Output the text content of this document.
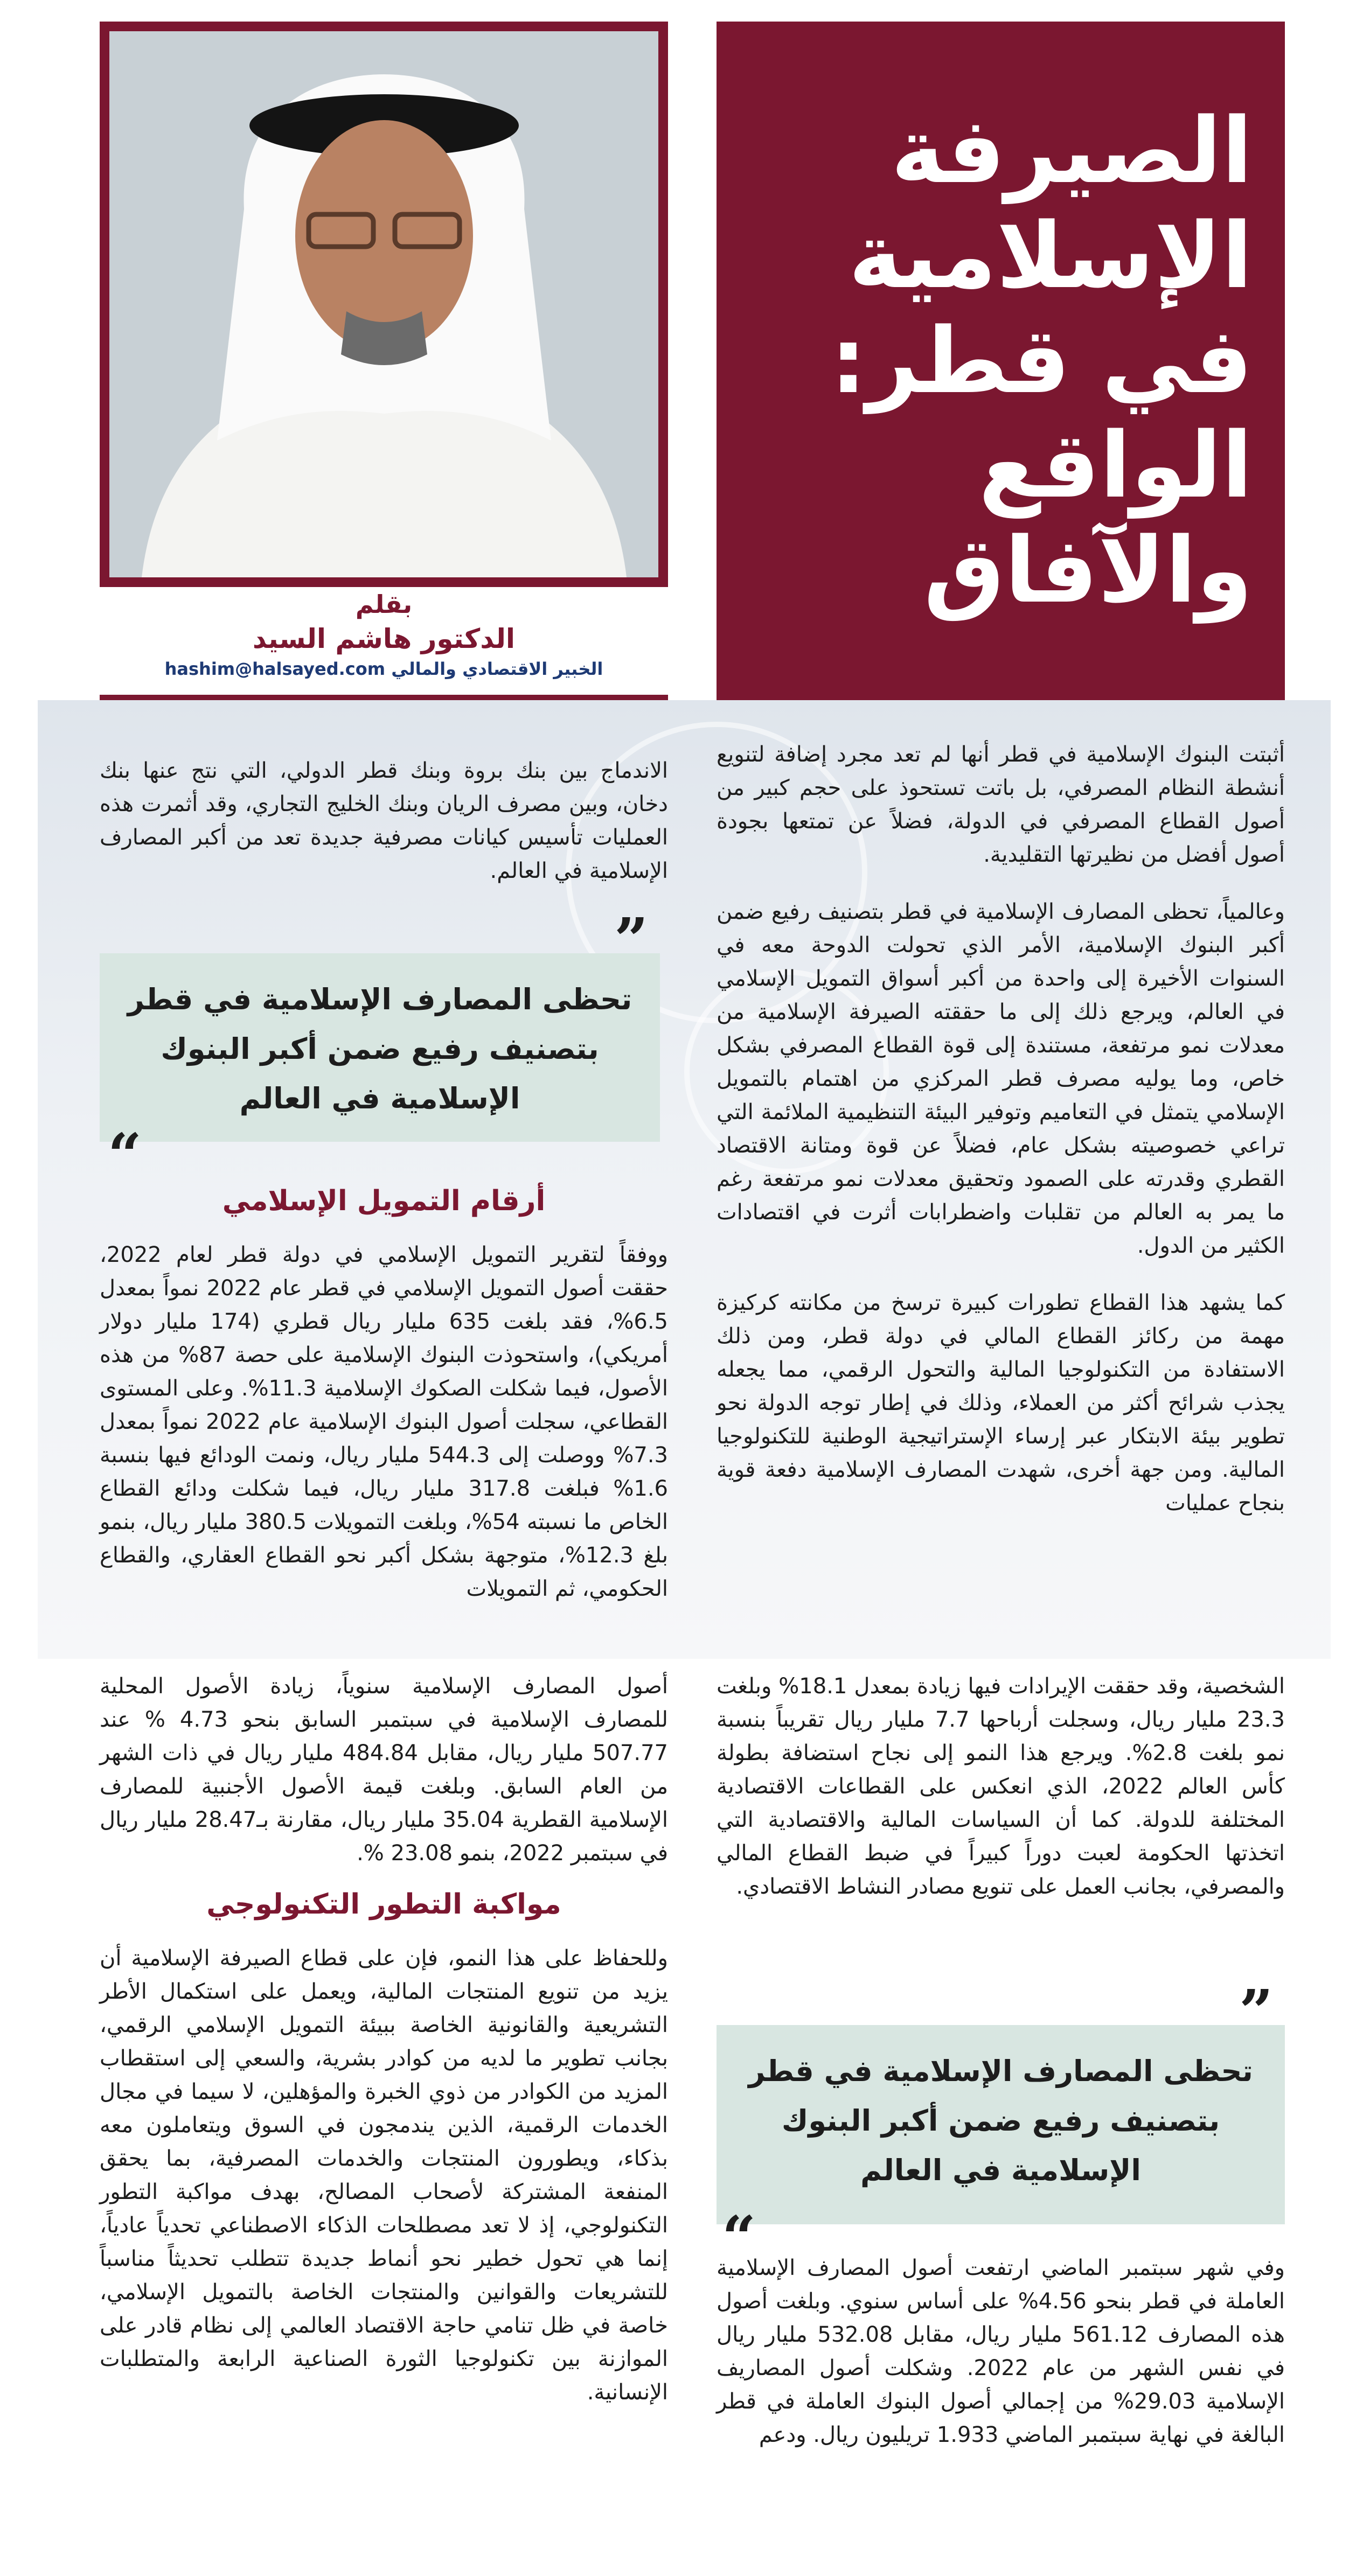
الصيرفة
الإسلامية
في قطر:
الواقع
والآفاق
بقلم
الدكتور هاشم السيد
الخبير الاقتصادي والمالي hashim@halsayed.com

أثبتت البنوك الإسلامية في قطر أنها لم تعد مجرد إضافة لتنويع أنشطة النظام المصرفي، بل باتت تستحوذ على حجم كبير من أصول القطاع المصرفي في الدولة، فضلاً عن تمتعها بجودة أصول أفضل من نظيرتها التقليدية.

وعالمياً، تحظى المصارف الإسلامية في قطر بتصنيف رفيع ضمن أكبر البنوك الإسلامية، الأمر الذي تحولت الدوحة معه في السنوات الأخيرة إلى واحدة من أكبر أسواق التمويل الإسلامي في العالم، ويرجع ذلك إلى ما حققته الصيرفة الإسلامية من معدلات نمو مرتفعة، مستندة إلى قوة القطاع المصرفي بشكل خاص، وما يوليه مصرف قطر المركزي من اهتمام بالتمويل الإسلامي يتمثل في التعاميم وتوفير البيئة التنظيمية الملائمة التي تراعي خصوصيته بشكل عام، فضلاً عن قوة ومتانة الاقتصاد القطري وقدرته على الصمود وتحقيق معدلات نمو مرتفعة رغم ما يمر به العالم من تقلبات واضطرابات أثرت في اقتصادات الكثير من الدول.

كما يشهد هذا القطاع تطورات كبيرة ترسخ من مكانته كركيزة مهمة من ركائز القطاع المالي في دولة قطر، ومن ذلك الاستفادة من التكنولوجيا المالية والتحول الرقمي، مما يجعله يجذب شرائح أكثر من العملاء، وذلك في إطار توجه الدولة نحو تطوير بيئة الابتكار عبر إرساء الإستراتيجية الوطنية للتكنولوجيا المالية. ومن جهة أخرى، شهدت المصارف الإسلامية دفعة قوية بنجاح عمليات

الاندماج بين بنك بروة وبنك قطر الدولي، التي نتج عنها بنك دخان، وبين مصرف الريان وبنك الخليج التجاري، وقد أثمرت هذه العمليات تأسيس كيانات مصرفية جديدة تعد من أكبر المصارف الإسلامية في العالم.

تحظى المصارف الإسلامية في قطر بتصنيف رفيع ضمن أكبر البنوك الإسلامية في العالم
”
“
أرقام التمويل الإسلامي

ووفقاً لتقرير التمويل الإسلامي في دولة قطر لعام 2022، حققت أصول التمويل الإسلامي في قطر عام 2022 نمواً بمعدل 6.5%، فقد بلغت 635 مليار ريال قطري (174 مليار دولار أمريكي)، واستحوذت البنوك الإسلامية على حصة 87% من هذه الأصول، فيما شكلت الصكوك الإسلامية 11.3%. وعلى المستوى القطاعي، سجلت أصول البنوك الإسلامية عام 2022 نمواً بمعدل 7.3% ووصلت إلى 544.3 مليار ريال، ونمت الودائع فيها بنسبة 1.6% فبلغت 317.8 مليار ريال، فيما شكلت ودائع القطاع الخاص ما نسبته 54%، وبلغت التمويلات 380.5 مليار ريال، بنمو بلغ 12.3%، متوجهة بشكل أكبر نحو القطاع العقاري، والقطاع الحكومي، ثم التمويلات

الشخصية، وقد حققت الإيرادات فيها زيادة بمعدل 18.1% وبلغت 23.3 مليار ريال، وسجلت أرباحها 7.7 مليار ريال تقريباً بنسبة نمو بلغت 2.8%. ويرجع هذا النمو إلى نجاح استضافة بطولة كأس العالم 2022، الذي انعكس على القطاعات الاقتصادية المختلفة للدولة. كما أن السياسات المالية والاقتصادية التي اتخذتها الحكومة لعبت دوراً كبيراً في ضبط القطاع المالي والمصرفي، بجانب العمل على تنويع مصادر النشاط الاقتصادي.

تحظى المصارف الإسلامية في قطر بتصنيف رفيع ضمن أكبر البنوك الإسلامية في العالم
”
“

وفي شهر سبتمبر الماضي ارتفعت أصول المصارف الإسلامية العاملة في قطر بنحو 4.56% على أساس سنوي. وبلغت أصول هذه المصارف 561.12 مليار ريال، مقابل 532.08 مليار ريال في نفس الشهر من عام 2022. وشكلت أصول المصاريف الإسلامية 29.03% من إجمالي أصول البنوك العاملة في قطر البالغة في نهاية سبتمبر الماضي 1.933 تريليون ريال. ودعم

أصول المصارف الإسلامية سنوياً، زيادة الأصول المحلية للمصارف الإسلامية في سبتمبر السابق بنحو 4.73 % عند 507.77 مليار ريال، مقابل 484.84 مليار ريال في ذات الشهر من العام السابق. وبلغت قيمة الأصول الأجنبية للمصارف الإسلامية القطرية 35.04 مليار ريال، مقارنة بـ28.47 مليار ريال في سبتمبر 2022، بنمو 23.08 %.

مواكبة التطور التكنولوجي

وللحفاظ على هذا النمو، فإن على قطاع الصيرفة الإسلامية أن يزيد من تنويع المنتجات المالية، ويعمل على استكمال الأطر التشريعية والقانونية الخاصة ببيئة التمويل الإسلامي الرقمي، بجانب تطوير ما لديه من كوادر بشرية، والسعي إلى استقطاب المزيد من الكوادر من ذوي الخبرة والمؤهلين، لا سيما في مجال الخدمات الرقمية، الذين يندمجون في السوق ويتعاملون معه بذكاء، ويطورون المنتجات والخدمات المصرفية، بما يحقق المنفعة المشتركة لأصحاب المصالح، بهدف مواكبة التطور التكنولوجي، إذ لا تعد مصطلحات الذكاء الاصطناعي تحدياً عادياً، إنما هي تحول خطير نحو أنماط جديدة تتطلب تحديثاً مناسباً للتشريعات والقوانين والمنتجات الخاصة بالتمويل الإسلامي، خاصة في ظل تنامي حاجة الاقتصاد العالمي إلى نظام قادر على الموازنة بين تكنولوجيا الثورة الصناعية الرابعة والمتطلبات الإنسانية.
